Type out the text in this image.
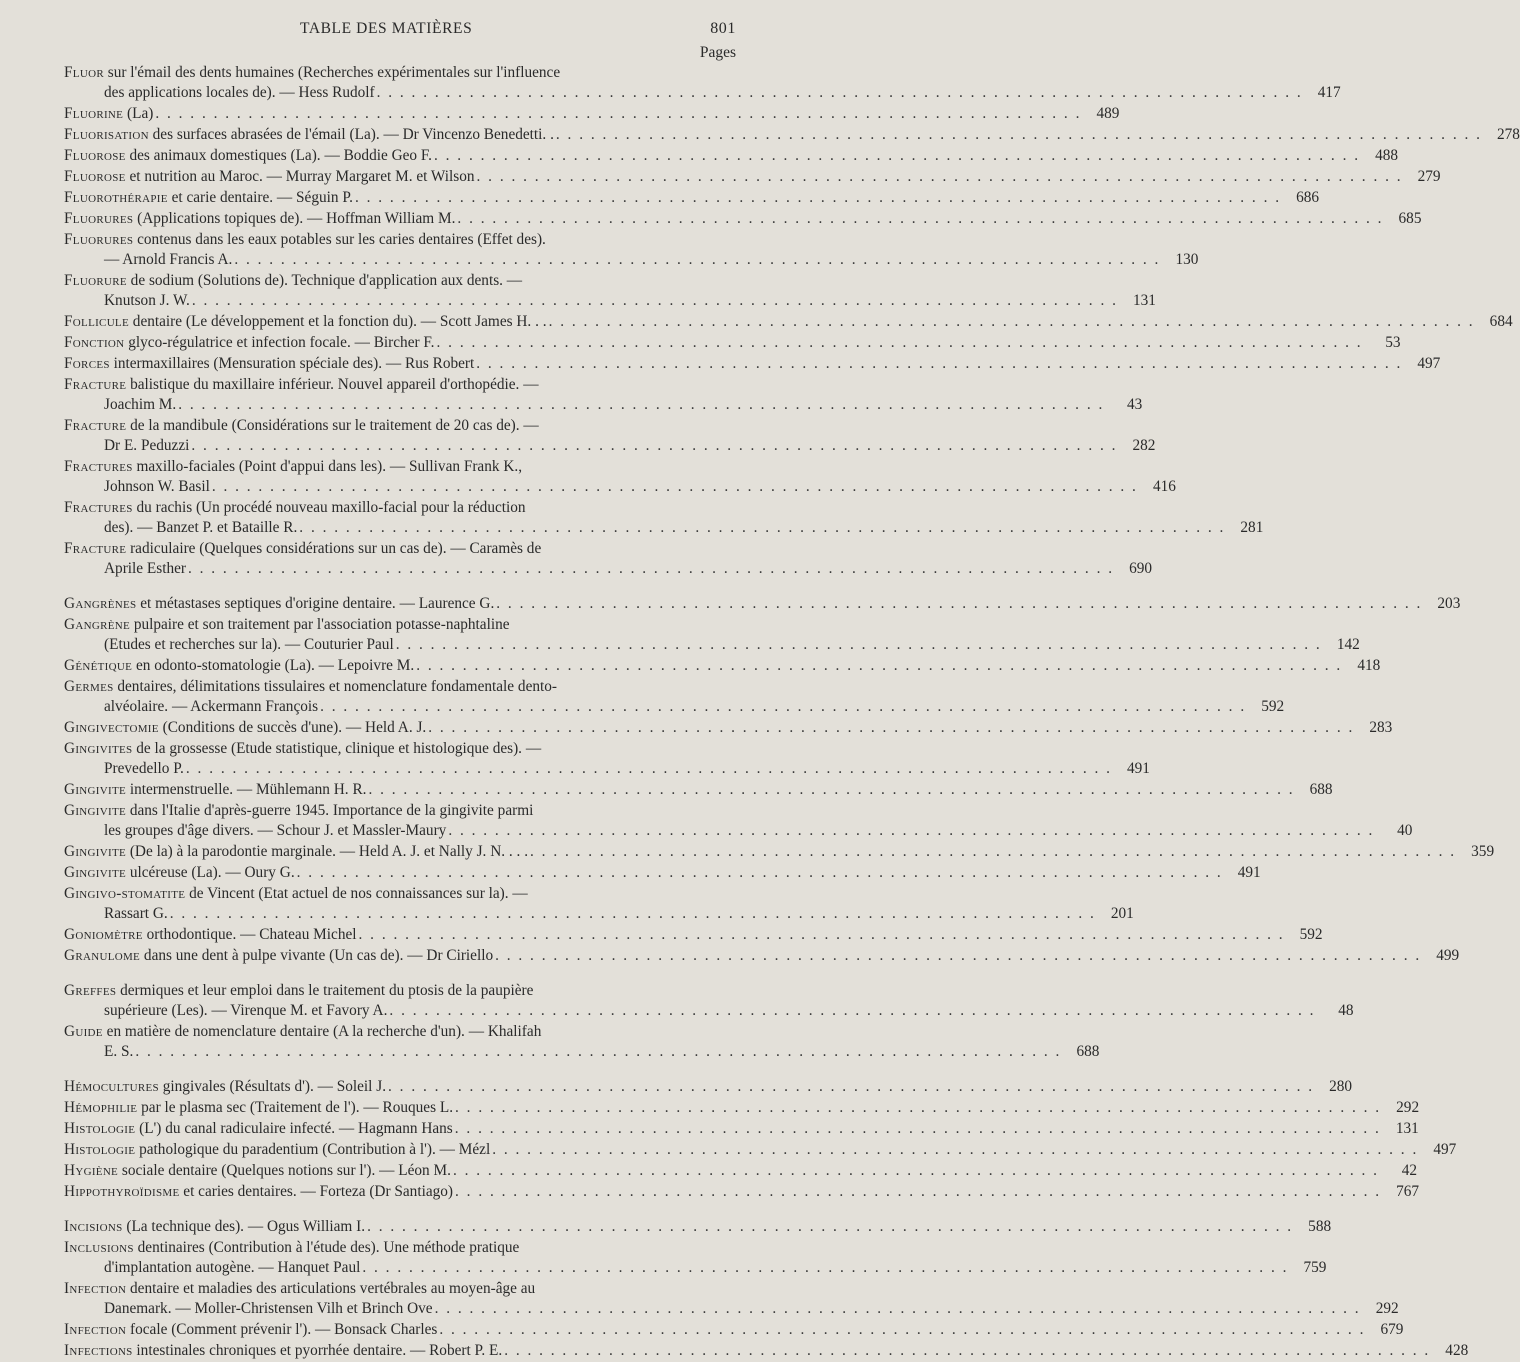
TABLE DES MATIÈRES	801
Pages
Fluor sur l'émail des dents humaines (Recherches expérimentales sur l'influence
des applications locales de). — Hess Rudolf . . . . . . . . . . . . . . . . . . . . . . . . . . . . . . . . . . . . . . . . . . . . . . . . . . . . . . . . . . . . . . . . . . . . . . . . . . . . . . . . 417
Fluorine (La) . . . . . . . . . . . . . . . . . . . . . . . . . . . . . . . . . . . . . . . . . . . . . . . . . . . . . . . . . . . . . . . . . . . . . . . . . . . . . . . . 489
Fluorisation des surfaces abrasées de l'émail (La). — Dr Vincenzo Benedetti. . . . . . . . . . . . . . . . . . . . . . . . . . . . . . . . . . . . . . . . . . . . . . . . . . . . . . . . . . . . . . . . . . . . . . . . . . . . . . . . . . 278
Fluorose des animaux domestiques (La). — Boddie Geo F. . . . . . . . . . . . . . . . . . . . . . . . . . . . . . . . . . . . . . . . . . . . . . . . . . . . . . . . . . . . . . . . . . . . . . . . . . . . . . . . . 488
Fluorose et nutrition au Maroc. — Murray Margaret M. et Wilson . . . . . . . . . . . . . . . . . . . . . . . . . . . . . . . . . . . . . . . . . . . . . . . . . . . . . . . . . . . . . . . . . . . . . . . . . . . . . . . . 279
Fluorothérapie et carie dentaire. — Séguin P. . . . . . . . . . . . . . . . . . . . . . . . . . . . . . . . . . . . . . . . . . . . . . . . . . . . . . . . . . . . . . . . . . . . . . . . . . . . . . . . . 686
Fluorures (Applications topiques de). — Hoffman William M. . . . . . . . . . . . . . . . . . . . . . . . . . . . . . . . . . . . . . . . . . . . . . . . . . . . . . . . . . . . . . . . . . . . . . . . . . . . . . . . . 685
Fluorures contenus dans les eaux potables sur les caries dentaires (Effet des).
— Arnold Francis A. . . . . . . . . . . . . . . . . . . . . . . . . . . . . . . . . . . . . . . . . . . . . . . . . . . . . . . . . . . . . . . . . . . . . . . . . . . . . . . . . 130
Fluorure de sodium (Solutions de). Technique d'application aux dents. —
Knutson J. W. . . . . . . . . . . . . . . . . . . . . . . . . . . . . . . . . . . . . . . . . . . . . . . . . . . . . . . . . . . . . . . . . . . . . . . . . . . . . . . . . 131
Follicule dentaire (Le développement et la fonction du). — Scott James H. . . . . . . . . . . . . . . . . . . . . . . . . . . . . . . . . . . . . . . . . . . . . . . . . . . . . . . . . . . . . . . . . . . . . . . . . . . . . . . . . . . 684
Fonction glyco-régulatrice et infection focale. — Bircher F. . . . . . . . . . . . . . . . . . . . . . . . . . . . . . . . . . . . . . . . . . . . . . . . . . . . . . . . . . . . . . . . . . . . . . . . . . . . . . . . .	53
Forces intermaxillaires (Mensuration spéciale des). — Rus Robert . . . . . . . . . . . . . . . . . . . . . . . . . . . . . . . . . . . . . . . . . . . . . . . . . . . . . . . . . . . . . . . . . . . . . . . . . . . . . . . . 497
Fracture balistique du maxillaire inférieur. Nouvel appareil d'orthopédie. —
Joachim M. . . . . . . . . . . . . . . . . . . . . . . . . . . . . . . . . . . . . . . . . . . . . . . . . . . . . . . . . . . . . . . . . . . . . . . . . . . . . . . . .	43
Fracture de la mandibule (Considérations sur le traitement de 20 cas de). —
Dr E. Peduzzi . . . . . . . . . . . . . . . . . . . . . . . . . . . . . . . . . . . . . . . . . . . . . . . . . . . . . . . . . . . . . . . . . . . . . . . . . . . . . . . . 282
Fractures maxillo-faciales (Point d'appui dans les). — Sullivan Frank K.,
Johnson W. Basil . . . . . . . . . . . . . . . . . . . . . . . . . . . . . . . . . . . . . . . . . . . . . . . . . . . . . . . . . . . . . . . . . . . . . . . . . . . . . . . . 416
Fractures du rachis (Un procédé nouveau maxillo-facial pour la réduction
des). — Banzet P. et Bataille R. . . . . . . . . . . . . . . . . . . . . . . . . . . . . . . . . . . . . . . . . . . . . . . . . . . . . . . . . . . . . . . . . . . . . . . . . . . . . . . . . 281
Fracture radiculaire (Quelques considérations sur un cas de). — Caramès de
Aprile Esther . . . . . . . . . . . . . . . . . . . . . . . . . . . . . . . . . . . . . . . . . . . . . . . . . . . . . . . . . . . . . . . . . . . . . . . . . . . . . . . . 690
Gangrènes et métastases septiques d'origine dentaire. — Laurence G. . . . . . . . . . . . . . . . . . . . . . . . . . . . . . . . . . . . . . . . . . . . . . . . . . . . . . . . . . . . . . . . . . . . . . . . . . . . . . . . . 203
Gangrène pulpaire et son traitement par l'association potasse-naphtaline
(Etudes et recherches sur la). — Couturier Paul . . . . . . . . . . . . . . . . . . . . . . . . . . . . . . . . . . . . . . . . . . . . . . . . . . . . . . . . . . . . . . . . . . . . . . . . . . . . . . . . 142
Génétique en odonto-stomatologie (La). — Lepoivre M. . . . . . . . . . . . . . . . . . . . . . . . . . . . . . . . . . . . . . . . . . . . . . . . . . . . . . . . . . . . . . . . . . . . . . . . . . . . . . . . . 418
Germes dentaires, délimitations tissulaires et nomenclature fondamentale dento-
alvéolaire. — Ackermann François . . . . . . . . . . . . . . . . . . . . . . . . . . . . . . . . . . . . . . . . . . . . . . . . . . . . . . . . . . . . . . . . . . . . . . . . . . . . . . . . 592
Gingivectomie (Conditions de succès d'une). — Held A. J. . . . . . . . . . . . . . . . . . . . . . . . . . . . . . . . . . . . . . . . . . . . . . . . . . . . . . . . . . . . . . . . . . . . . . . . . . . . . . . . . 283
Gingivites de la grossesse (Etude statistique, clinique et histologique des). —
Prevedello P. . . . . . . . . . . . . . . . . . . . . . . . . . . . . . . . . . . . . . . . . . . . . . . . . . . . . . . . . . . . . . . . . . . . . . . . . . . . . . . . . 491
Gingivite intermenstruelle. — Mühlemann H. R. . . . . . . . . . . . . . . . . . . . . . . . . . . . . . . . . . . . . . . . . . . . . . . . . . . . . . . . . . . . . . . . . . . . . . . . . . . . . . . . . 688
Gingivite dans l'Italie d'après-guerre 1945. Importance de la gingivite parmi
les groupes d'âge divers. — Schour J. et Massler-Maury . . . . . . . . . . . . . . . . . . . . . . . . . . . . . . . . . . . . . . . . . . . . . . . . . . . . . . . . . . . . . . . . . . . . . . . . . . . . . . . .	40
Gingivite (De la) à la parodontie marginale. — Held A. J. et Nally J. N. . . . . . . . . . . . . . . . . . . . . . . . . . . . . . . . . . . . . . . . . . . . . . . . . . . . . . . . . . . . . . . . . . . . . . . . . . . . . . . . . . . . 359
Gingivite ulcéreuse (La). — Oury G. . . . . . . . . . . . . . . . . . . . . . . . . . . . . . . . . . . . . . . . . . . . . . . . . . . . . . . . . . . . . . . . . . . . . . . . . . . . . . . . . 491
Gingivo-stomatite de Vincent (Etat actuel de nos connaissances sur la). —
Rassart G. . . . . . . . . . . . . . . . . . . . . . . . . . . . . . . . . . . . . . . . . . . . . . . . . . . . . . . . . . . . . . . . . . . . . . . . . . . . . . . . . 201
Goniomètre orthodontique. — Chateau Michel . . . . . . . . . . . . . . . . . . . . . . . . . . . . . . . . . . . . . . . . . . . . . . . . . . . . . . . . . . . . . . . . . . . . . . . . . . . . . . . . 592
Granulome dans une dent à pulpe vivante (Un cas de). — Dr Ciriello . . . . . . . . . . . . . . . . . . . . . . . . . . . . . . . . . . . . . . . . . . . . . . . . . . . . . . . . . . . . . . . . . . . . . . . . . . . . . . . . 499
Greffes dermiques et leur emploi dans le traitement du ptosis de la paupière
supérieure (Les). — Virenque M. et Favory A. . . . . . . . . . . . . . . . . . . . . . . . . . . . . . . . . . . . . . . . . . . . . . . . . . . . . . . . . . . . . . . . . . . . . . . . . . . . . . . . .	48
Guide en matière de nomenclature dentaire (A la recherche d'un). — Khalifah
E. S. . . . . . . . . . . . . . . . . . . . . . . . . . . . . . . . . . . . . . . . . . . . . . . . . . . . . . . . . . . . . . . . . . . . . . . . . . . . . . . . . 688
Hémocultures gingivales (Résultats d'). — Soleil J. . . . . . . . . . . . . . . . . . . . . . . . . . . . . . . . . . . . . . . . . . . . . . . . . . . . . . . . . . . . . . . . . . . . . . . . . . . . . . . . . 280
Hémophilie par le plasma sec (Traitement de l'). — Rouques L. . . . . . . . . . . . . . . . . . . . . . . . . . . . . . . . . . . . . . . . . . . . . . . . . . . . . . . . . . . . . . . . . . . . . . . . . . . . . . . . . 292
Histologie (L') du canal radiculaire infecté. — Hagmann Hans . . . . . . . . . . . . . . . . . . . . . . . . . . . . . . . . . . . . . . . . . . . . . . . . . . . . . . . . . . . . . . . . . . . . . . . . . . . . . . . . 131
Histologie pathologique du paradentium (Contribution à l'). — Mézl . . . . . . . . . . . . . . . . . . . . . . . . . . . . . . . . . . . . . . . . . . . . . . . . . . . . . . . . . . . . . . . . . . . . . . . . . . . . . . . . 497
Hygiène sociale dentaire (Quelques notions sur l'). — Léon M. . . . . . . . . . . . . . . . . . . . . . . . . . . . . . . . . . . . . . . . . . . . . . . . . . . . . . . . . . . . . . . . . . . . . . . . . . . . . . . . .	42
Hippothyroïdisme et caries dentaires. — Forteza (Dr Santiago) . . . . . . . . . . . . . . . . . . . . . . . . . . . . . . . . . . . . . . . . . . . . . . . . . . . . . . . . . . . . . . . . . . . . . . . . . . . . . . . . 767
Incisions (La technique des). — Ogus William I. . . . . . . . . . . . . . . . . . . . . . . . . . . . . . . . . . . . . . . . . . . . . . . . . . . . . . . . . . . . . . . . . . . . . . . . . . . . . . . . . 588
Inclusions dentinaires (Contribution à l'étude des). Une méthode pratique
d'implantation autogène. — Hanquet Paul . . . . . . . . . . . . . . . . . . . . . . . . . . . . . . . . . . . . . . . . . . . . . . . . . . . . . . . . . . . . . . . . . . . . . . . . . . . . . . . . 759
Infection dentaire et maladies des articulations vertébrales au moyen-âge au
Danemark. — Moller-Christensen Vilh et Brinch Ove . . . . . . . . . . . . . . . . . . . . . . . . . . . . . . . . . . . . . . . . . . . . . . . . . . . . . . . . . . . . . . . . . . . . . . . . . . . . . . . . 292
Infection focale (Comment prévenir l'). — Bonsack Charles . . . . . . . . . . . . . . . . . . . . . . . . . . . . . . . . . . . . . . . . . . . . . . . . . . . . . . . . . . . . . . . . . . . . . . . . . . . . . . . . 679
Infections intestinales chroniques et pyorrhée dentaire. — Robert P. E. . . . . . . . . . . . . . . . . . . . . . . . . . . . . . . . . . . . . . . . . . . . . . . . . . . . . . . . . . . . . . . . . . . . . . . . . . . . . . . . . 428
